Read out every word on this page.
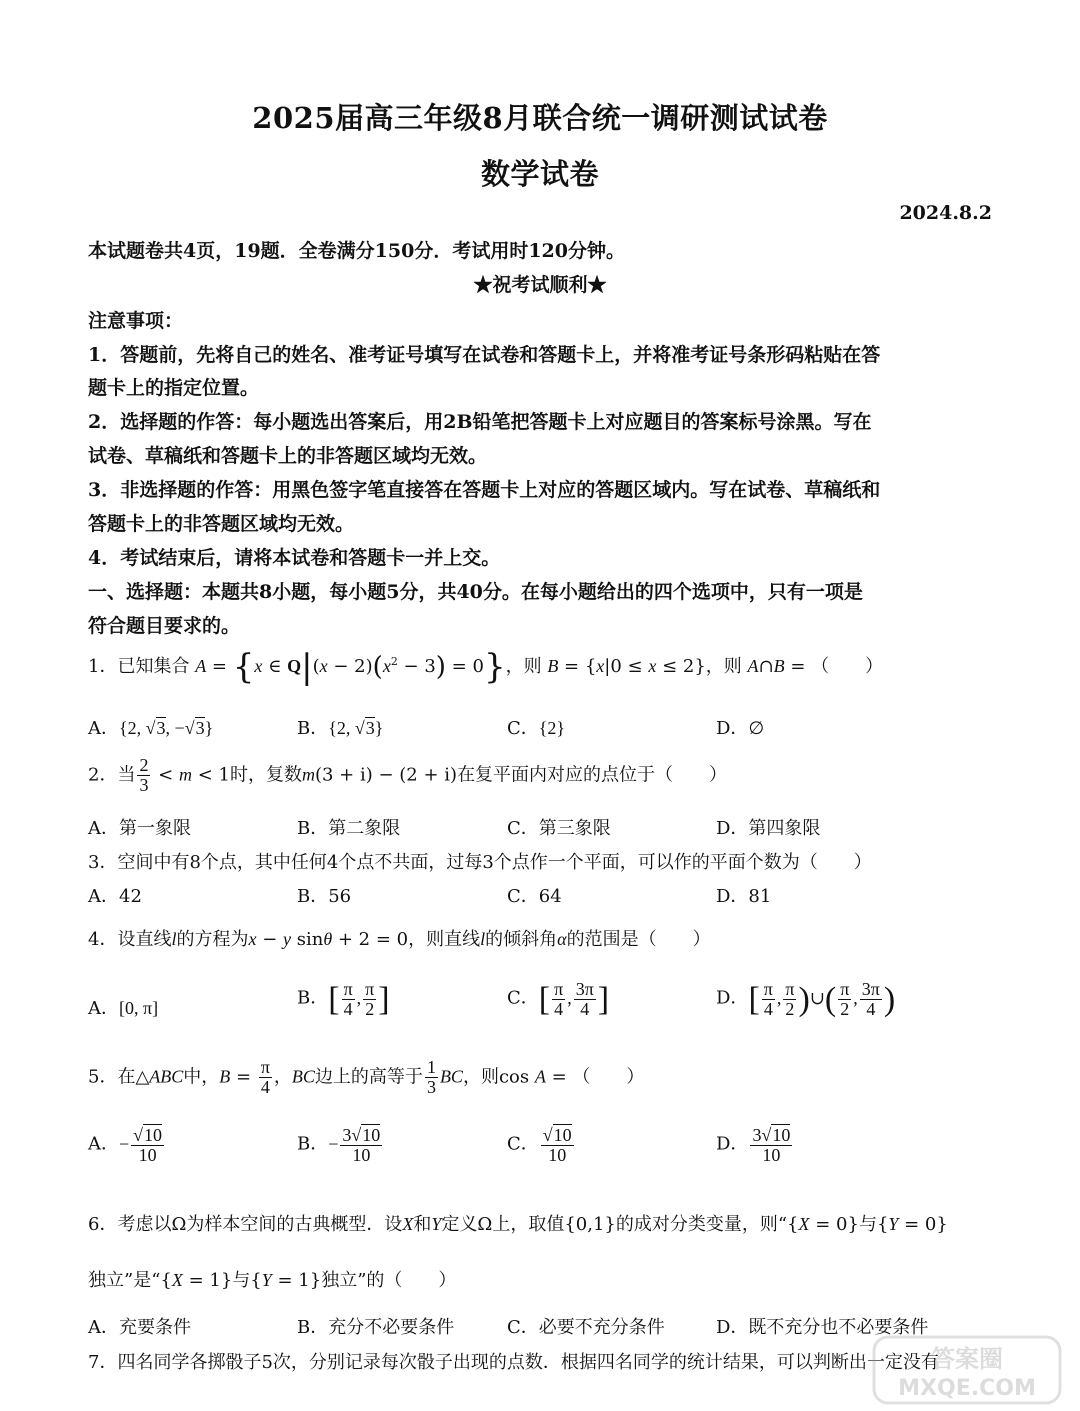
2025届高三年级8月联合统一调研测试试卷
数学试卷
2024.8.2
本试题卷共4页，19题．全卷满分150分．考试用时120分钟。
★祝考试顺利★
注意事项：
1．答题前，先将自己的姓名、准考证号填写在试卷和答题卡上，并将准考证号条形码粘贴在答
题卡上的指定位置。
2．选择题的作答：每小题选出答案后，用2B铅笔把答题卡上对应题目的答案标号涂黑。写在
试卷、草稿纸和答题卡上的非答题区域均无效。
3．非选择题的作答：用黑色签字笔直接答在答题卡上对应的答题区域内。写在试卷、草稿纸和
答题卡上的非答题区域均无效。
4．考试结束后，请将本试卷和答题卡一并上交。
一、选择题：本题共8小题，每小题5分，共40分。在每小题给出的四个选项中，只有一项是
符合题目要求的。
1．已知集合 A = {x ∈ $Q|(x - 2)(x^2 - 3) = 0$}，则 B = {x|0 ≤ x ≤ 2}，则 A∩B = （　　）
A．{2, √3, −√3}	B．{2, √3}	C．{2}	D．∅
2．当 $\frac{2}{3} < m < 1$时，复数m(3 + i) − (2 + i)在复平面内对应的点位于（　　）
A．第一象限	B．第二象限	C．第三象限	D．第四象限
3．空间中有8个点，其中任何4个点不共面，过每3个点作一个平面，可以作的平面个数为（　　）
A．42	B．56	C．64	D．81
4．设直线l的方程为x − y sinθ + 2 = 0，则直线l的倾斜角α的范围是（　　）
A．[0, π]	B．[ $\frac{\pi}{4}$ , $\frac{\pi}{2}$ ]	C．[ $\frac{\pi}{4}$ , $\frac{3\pi}{4}$ ]	D．[ $\frac{\pi}{4}$ , $\frac{\pi}{2}$ )∪( $\frac{\pi}{2}$ , $\frac{3\pi}{4}$ )
5．在△ABC中，$B = \frac{\pi}{4}$ ，BC边上的高等于 $\frac{1}{3}$ BC，则cos A = （　　）
A．− $\frac{√10}{10}$	B．− $\frac{3√10}{10}$	C． $\frac{√10}{10}$	D． $\frac{3√10}{10}$
6．考虑以Ω为样本空间的古典概型．设X和Y定义Ω上，取值{0,1}的成对分类变量，则“{X = 0}与{Y = 0}
独立”是“{X = 1}与{Y = 1}独立”的（　　）
A．充要条件	B．充分不必要条件	C．必要不充分条件	D．既不充分也不必要条件
7．四名同学各掷骰子5次，分别记录每次骰子出现的点数．根据四名同学的统计结果，可以判断出一定没有
答案圈
MXQE.COM
